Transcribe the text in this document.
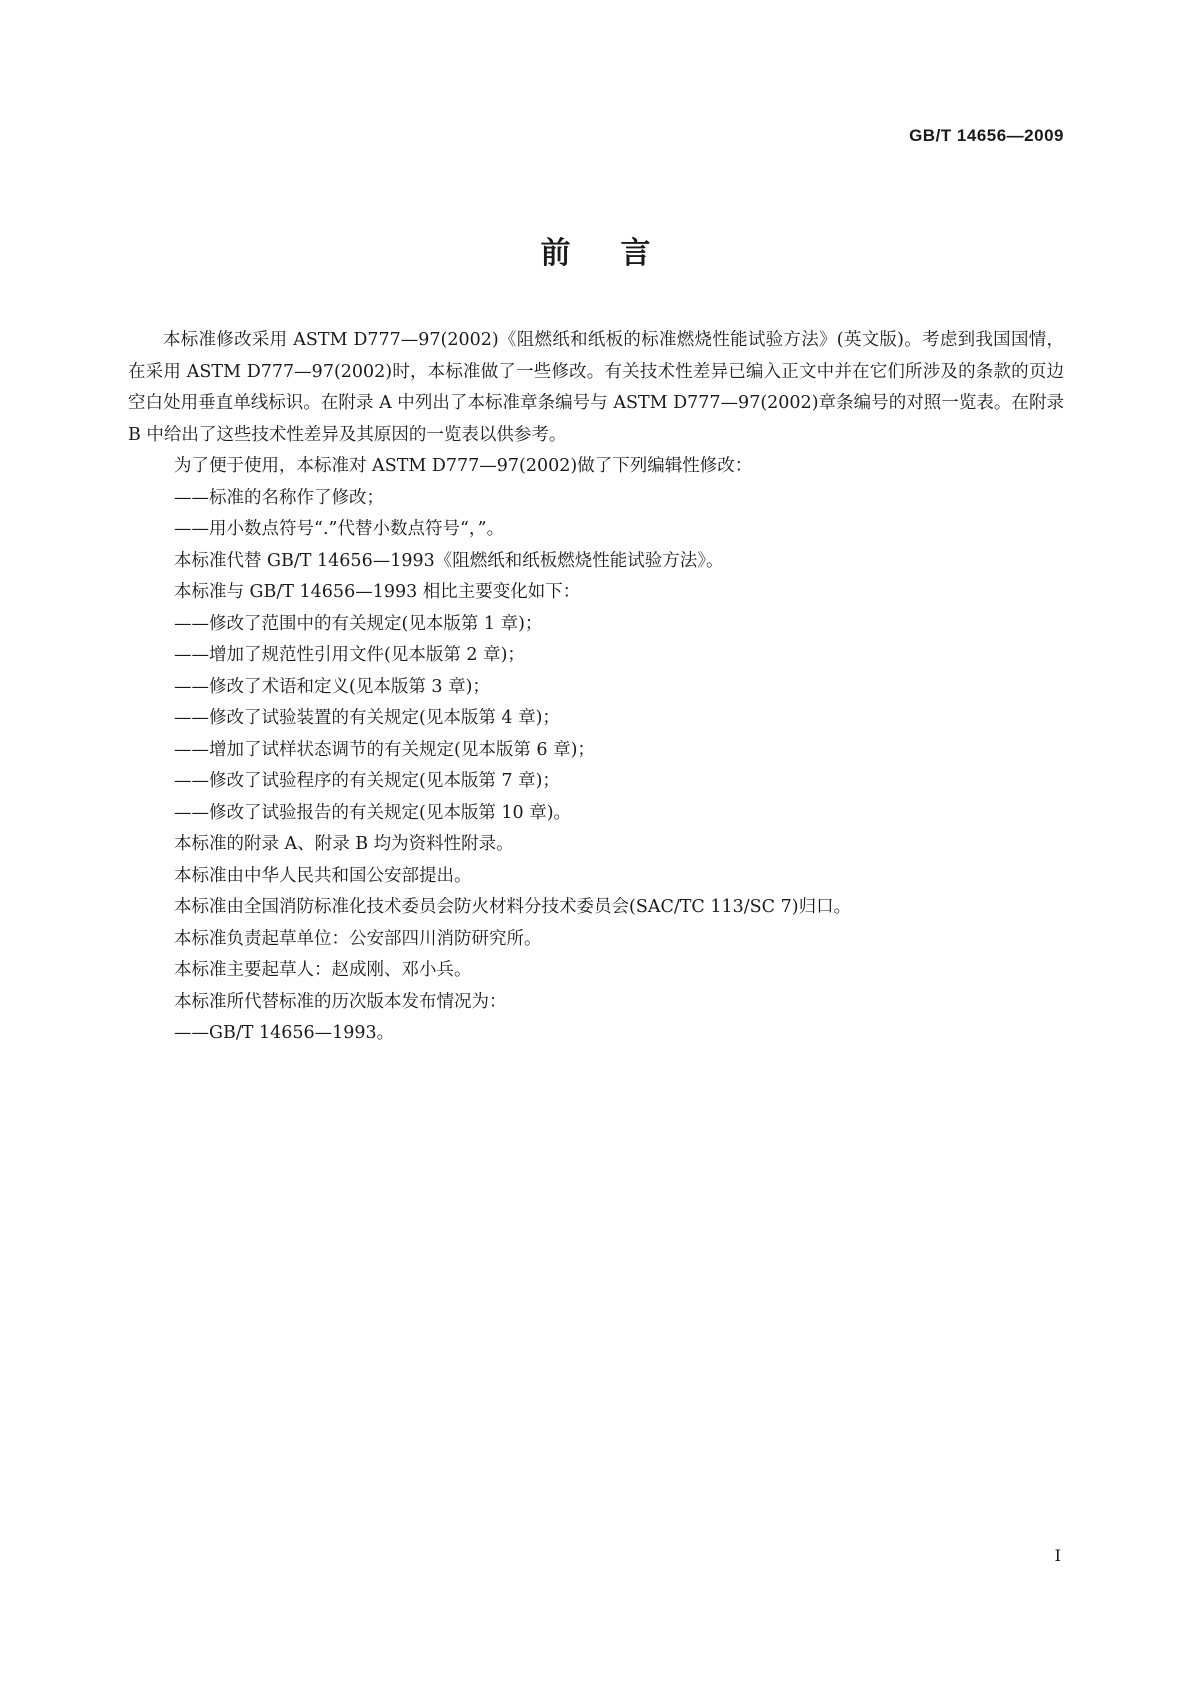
GB/T 14656—2009
前言

本标准修改采用 ASTM D777—97(2002)《阻燃纸和纸板的标准燃烧性能试验方法》(英文版)。考虑到我国国情，在采用 ASTM D777—97(2002)时，本标准做了一些修改。有关技术性差异已编入正文中并在它们所涉及的条款的页边空白处用垂直单线标识。在附录 A 中列出了本标准章条编号与 ASTM D777—97(2002)章条编号的对照一览表。在附录 B 中给出了这些技术性差异及其原因的一览表以供参考。

为了便于使用，本标准对 ASTM D777—97(2002)做了下列编辑性修改：

——标准的名称作了修改；

——用小数点符号“.”代替小数点符号“，”。

本标准代替 GB/T 14656—1993《阻燃纸和纸板燃烧性能试验方法》。

本标准与 GB/T 14656—1993 相比主要变化如下：

——修改了范围中的有关规定(见本版第 1 章)；

——增加了规范性引用文件(见本版第 2 章)；

——修改了术语和定义(见本版第 3 章)；

——修改了试验装置的有关规定(见本版第 4 章)；

——增加了试样状态调节的有关规定(见本版第 6 章)；

——修改了试验程序的有关规定(见本版第 7 章)；

——修改了试验报告的有关规定(见本版第 10 章)。

本标准的附录 A、附录 B 均为资料性附录。

本标准由中华人民共和国公安部提出。

本标准由全国消防标准化技术委员会防火材料分技术委员会(SAC/TC 113/SC 7)归口。

本标准负责起草单位：公安部四川消防研究所。

本标准主要起草人：赵成刚、邓小兵。

本标准所代替标准的历次版本发布情况为：

——GB/T 14656—1993。

I
